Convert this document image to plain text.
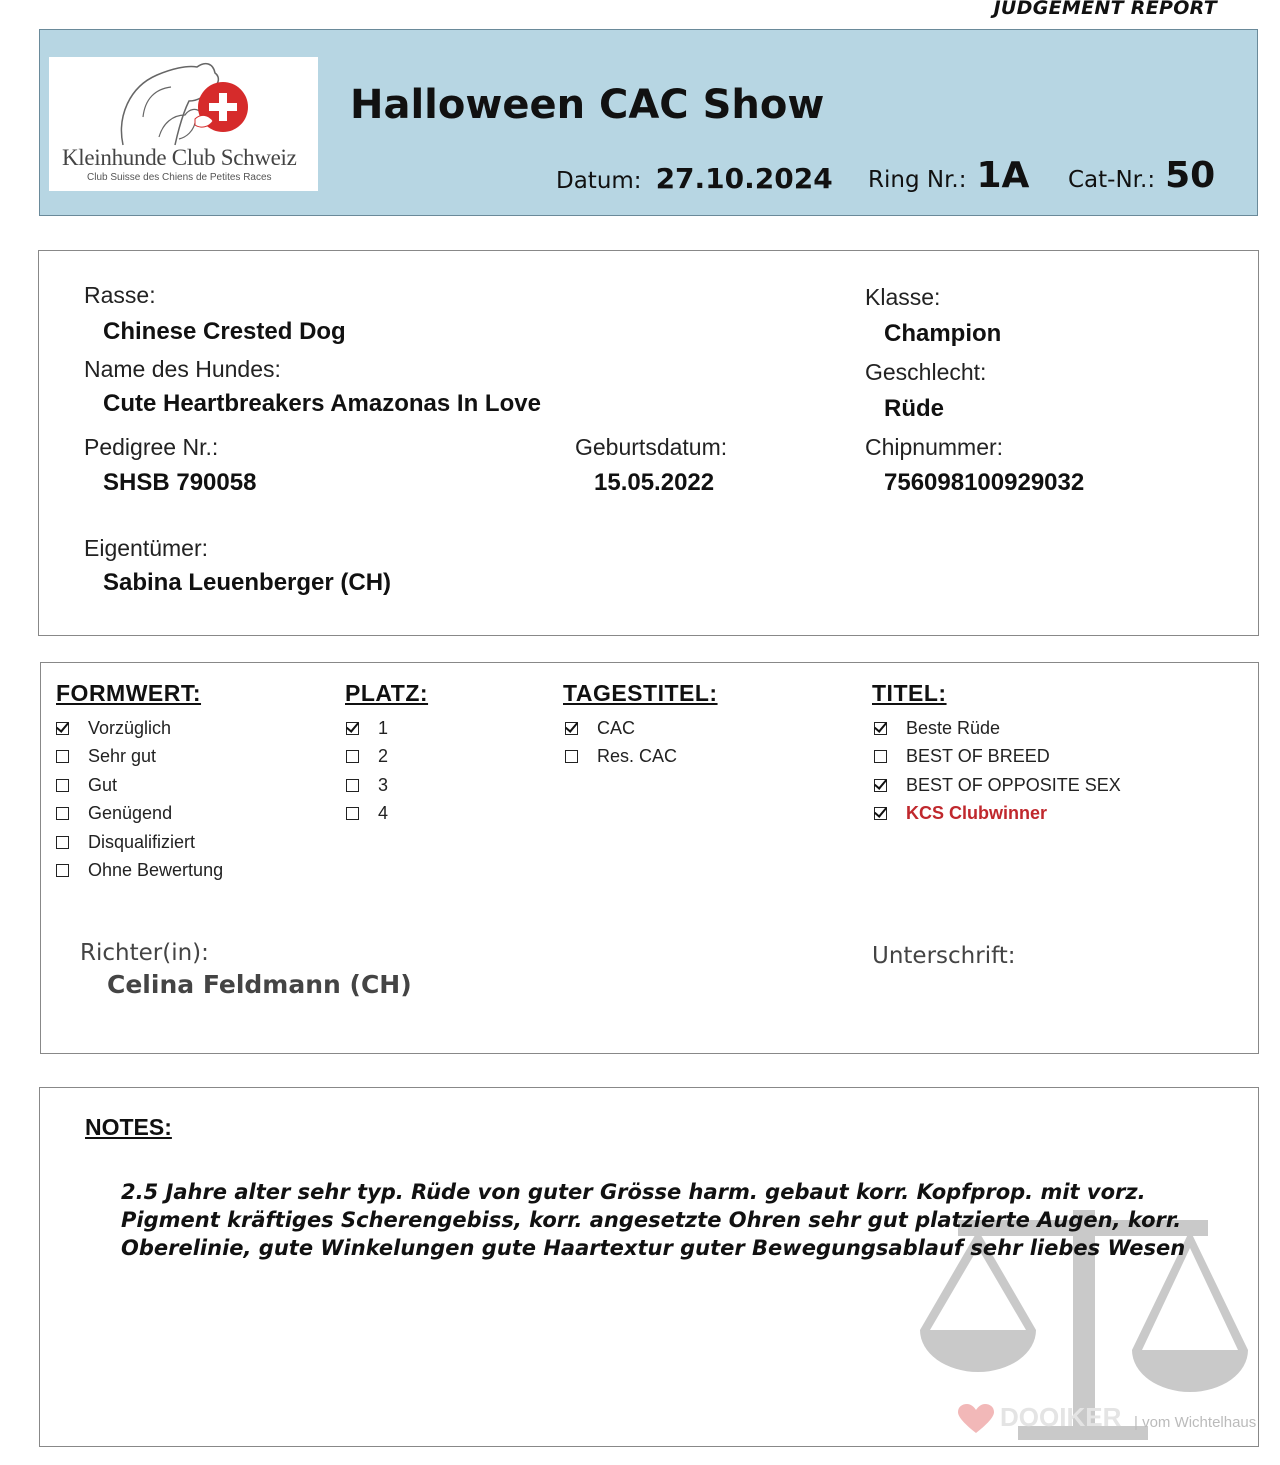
JUDGEMENT REPORT
Kleinhunde Club Schweiz
Club Suisse des Chiens de Petites Races
Halloween CAC Show
Datum: 27.10.2024 Ring Nr.: 1A Cat-Nr.: 50
Rasse:
Chinese Crested Dog
Klasse:
Champion
Name des Hundes:
Cute Heartbreakers Amazonas In Love
Geschlecht:
Rüde
Pedigree Nr.:
SHSB 790058
Geburtsdatum:
15.05.2022
Chipnummer:
756098100929032
Eigentümer:
Sabina Leuenberger (CH)
FORMWERT:
Vorzüglich
Sehr gut
Gut
Genügend
Disqualifiziert
Ohne Bewertung
PLATZ:
1
2
3
4
TAGESTITEL:
CAC
Res. CAC
TITEL:
Beste Rüde
BEST OF BREED
BEST OF OPPOSITE SEX
KCS Clubwinner
Richter(in):
Celina Feldmann (CH)
Unterschrift:
NOTES:
2.5 Jahre alter sehr typ. Rüde von guter Grösse harm. gebaut korr. Kopfprop. mit vorz. Pigment kräftiges Scherengebiss, korr. angesetzte Ohren sehr gut platzierte Augen, korr. Oberelinie, gute Winkelungen gute Haartextur guter Bewegungsablauf sehr liebes Wesen
DOOIKER | vom Wichtelhaus
